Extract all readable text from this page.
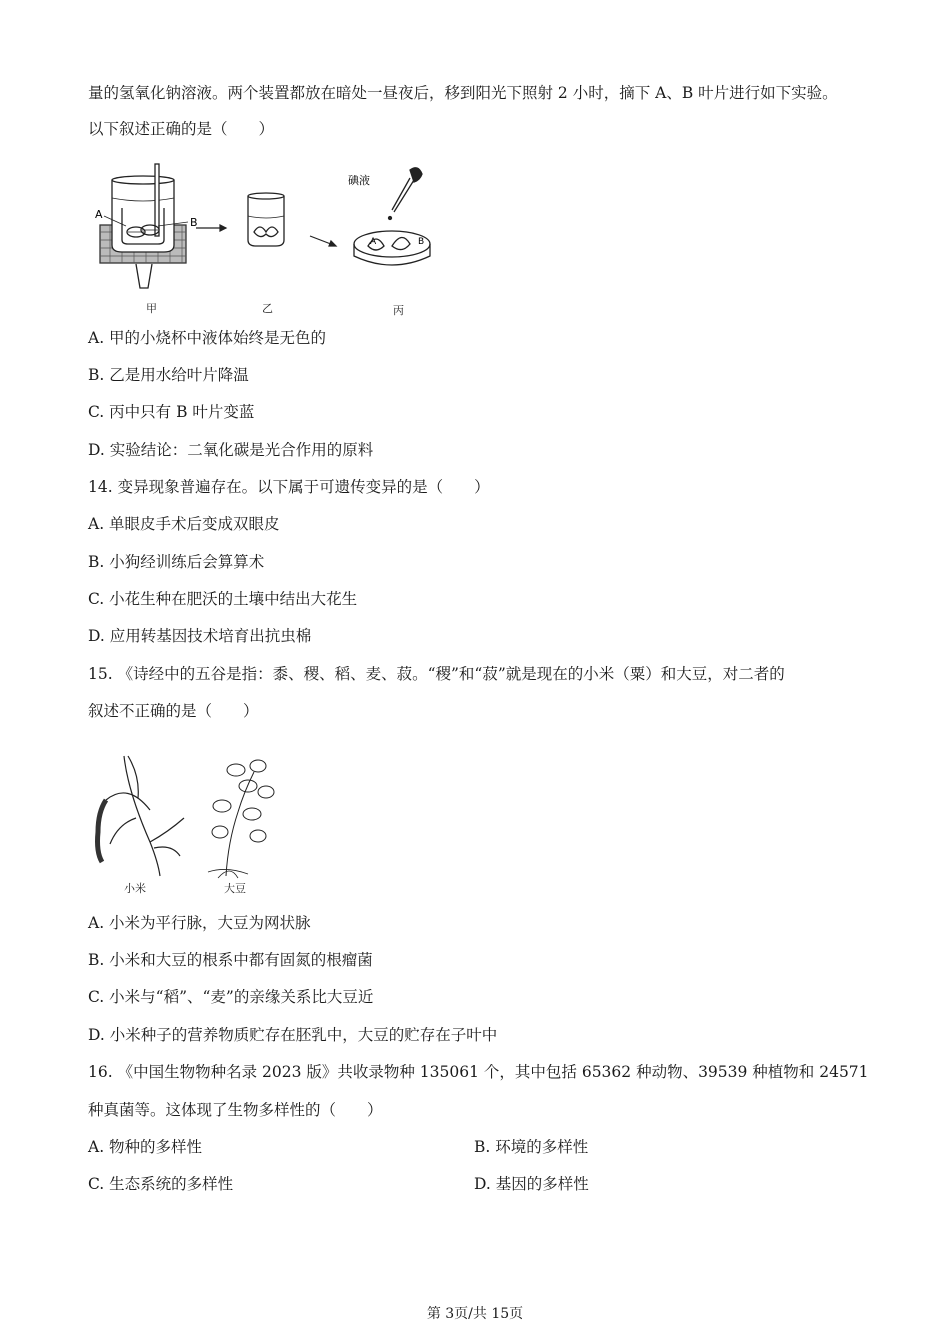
量的氢氧化钠溶液。两个装置都放在暗处一昼夜后，移到阳光下照射 2 小时，摘下 A、B 叶片进行如下实验。
以下叙述正确的是（　　）
A
B
A	B
碘液
甲	乙	丙
A. 甲的小烧杯中液体始终是无色的
B. 乙是用水给叶片降温
C. 丙中只有 B 叶片变蓝
D. 实验结论：二氧化碳是光合作用的原料
14. 变异现象普遍存在。以下属于可遗传变异的是（　　）
A. 单眼皮手术后变成双眼皮
B. 小狗经训练后会算算术
C. 小花生种在肥沃的土壤中结出大花生
D. 应用转基因技术培育出抗虫棉
15. 《诗经中的五谷是指：黍、稷、稻、麦、菽。“稷”和“菽”就是现在的小米（粟）和大豆，对二者的
叙述不正确的是（　　）
小米	大豆
A. 小米为平行脉，大豆为网状脉
B. 小米和大豆的根系中都有固氮的根瘤菌
C. 小米与“稻”、“麦”的亲缘关系比大豆近
D. 小米种子的营养物质贮存在胚乳中，大豆的贮存在子叶中
16. 《中国生物物种名录 2023 版》共收录物种 135061 个，其中包括 65362 种动物、39539 种植物和 24571
种真菌等。这体现了生物多样性的（　　）
A. 物种的多样性	B. 环境的多样性
C. 生态系统的多样性	D. 基因的多样性
第 3页/共 15页
